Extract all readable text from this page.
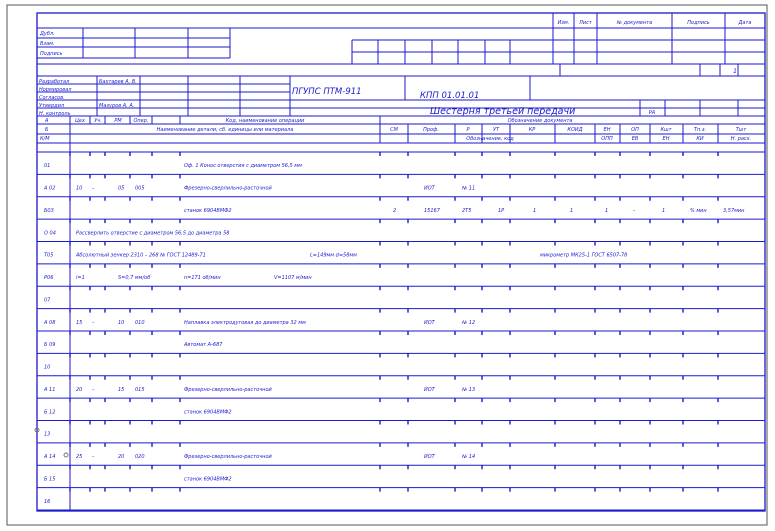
Изм. Лист	№ документа	Подпись	Дата
Дубл.
Взам.
Подпись
1
Разработал	Бахтарев А. В.
Нормировал
Согласов.
Утвердил	Мазуров А. А.
Н. контроль
ПГУПС ПТМ-911	КПП 01.01.01
Шестерня третьей передачи	РА
А	Цех Уч.	РМ Опер.	Код, наименование операции	Обозначение документа
Б	Наименование детали, сб. единицы или материала	СМ	Проф.	Р	УТ	КР	КОИД	ЕН	ОП	Кшт	Тп.з.	Тшт
К/М	Обозначение, код	ОПП	ЕВ	ЕН	КИ	Н. расх.
01	Оф. 1 Конос отверстия с диаметром 56,5 мм
А 02	10 –	05 005	Фрезерно-сверлильно-расточной	ИОТ	№ 11
Б03	станок 6904ВМФ2	2	15167	2Т5	1Р	1	1	1	–	1	% мин	3,57мин
О 04	Рассверлить отверстие с диаметром 56,5 до диаметра 58
Т05	Абсолютный зенкер 2310 – 268 № ГОСТ 12489-71	L=149мм d=58мм	микрометр МК25-1 ГОСТ 6507-78
Р06	i=1	S=0,7 мм/об	n=171 об/мин	V=1107 м/мин
07
А 08	15 –	10 010	Наплавка электродуговая до диаметра 32 мм	ИОТ	№ 12
Б 09	Автомат А-687
10
А 11	20 –	15 015	Фрезерно-сверлильно-расточной	ИОТ	№ 13
Б 12	станок 6904ВМФ2
13
А 14	25 –	20 020	Фрезерно-сверлильно-расточной	ИОТ	№ 14
Б 15	станок 6904ВМФ2
16
